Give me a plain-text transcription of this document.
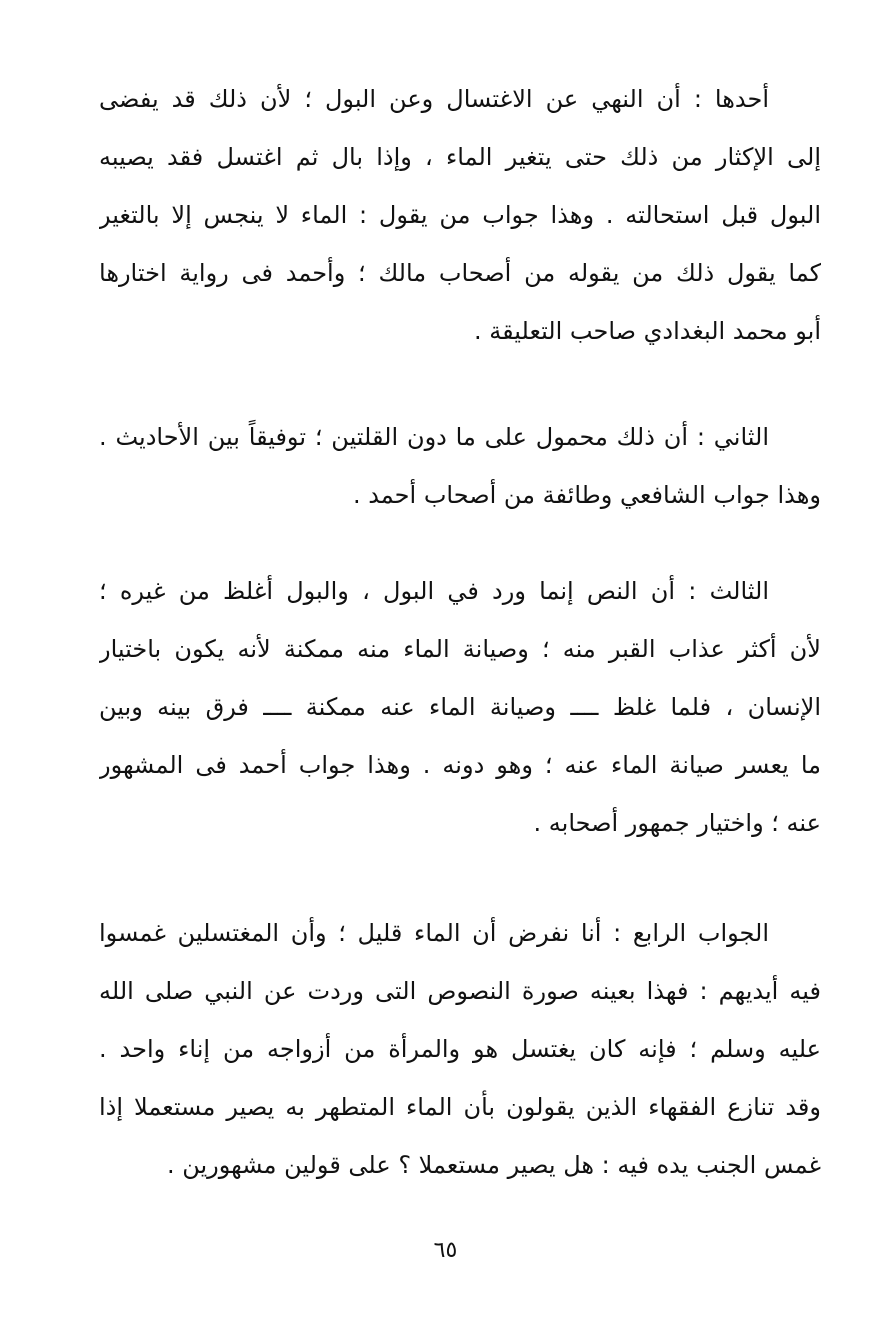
أحدها : أن النهي عن الاغتسال وعن البول ؛ لأن ذلك قد يفضى
إلى الإكثار من ذلك حتى يتغير الماء ، وإذا بال ثم اغتسل فقد يصيبه
البول قبل استحالته . وهذا جواب من يقول : الماء لا ينجس إلا بالتغير
كما يقول ذلك من يقوله من أصحاب مالك ؛ وأحمد فى رواية اختارها
أبو محمد البغدادي صاحب التعليقة .
الثاني : أن ذلك محمول على ما دون القلتين ؛ توفيقاً بين الأحاديث .
وهذا جواب الشافعي وطائفة من أصحاب أحمد .
الثالث : أن النص إنما ورد في البول ، والبول أغلظ من غيره ؛
لأن أكثر عذاب القبر منه ؛ وصيانة الماء منه ممكنة لأنه يكون باختيار
الإنسان ، فلما غلظ ــــ وصيانة الماء عنه ممكنة ــــ فرق بينه وبين
ما يعسر صيانة الماء عنه ؛ وهو دونه . وهذا جواب أحمد فى المشهور
عنه ؛ واختيار جمهور أصحابه .
الجواب الرابع : أنا نفرض أن الماء قليل ؛ وأن المغتسلين غمسوا
فيه أيديهم : فهذا بعينه صورة النصوص التى وردت عن النبي صلى الله
عليه وسلم ؛ فإنه كان يغتسل هو والمرأة من أزواجه من إناء واحد .
وقد تنازع الفقهاء الذين يقولون بأن الماء المتطهر به يصير مستعملا إذا
غمس الجنب يده فيه : هل يصير مستعملا ؟ على قولين مشهورين .
٦٥
